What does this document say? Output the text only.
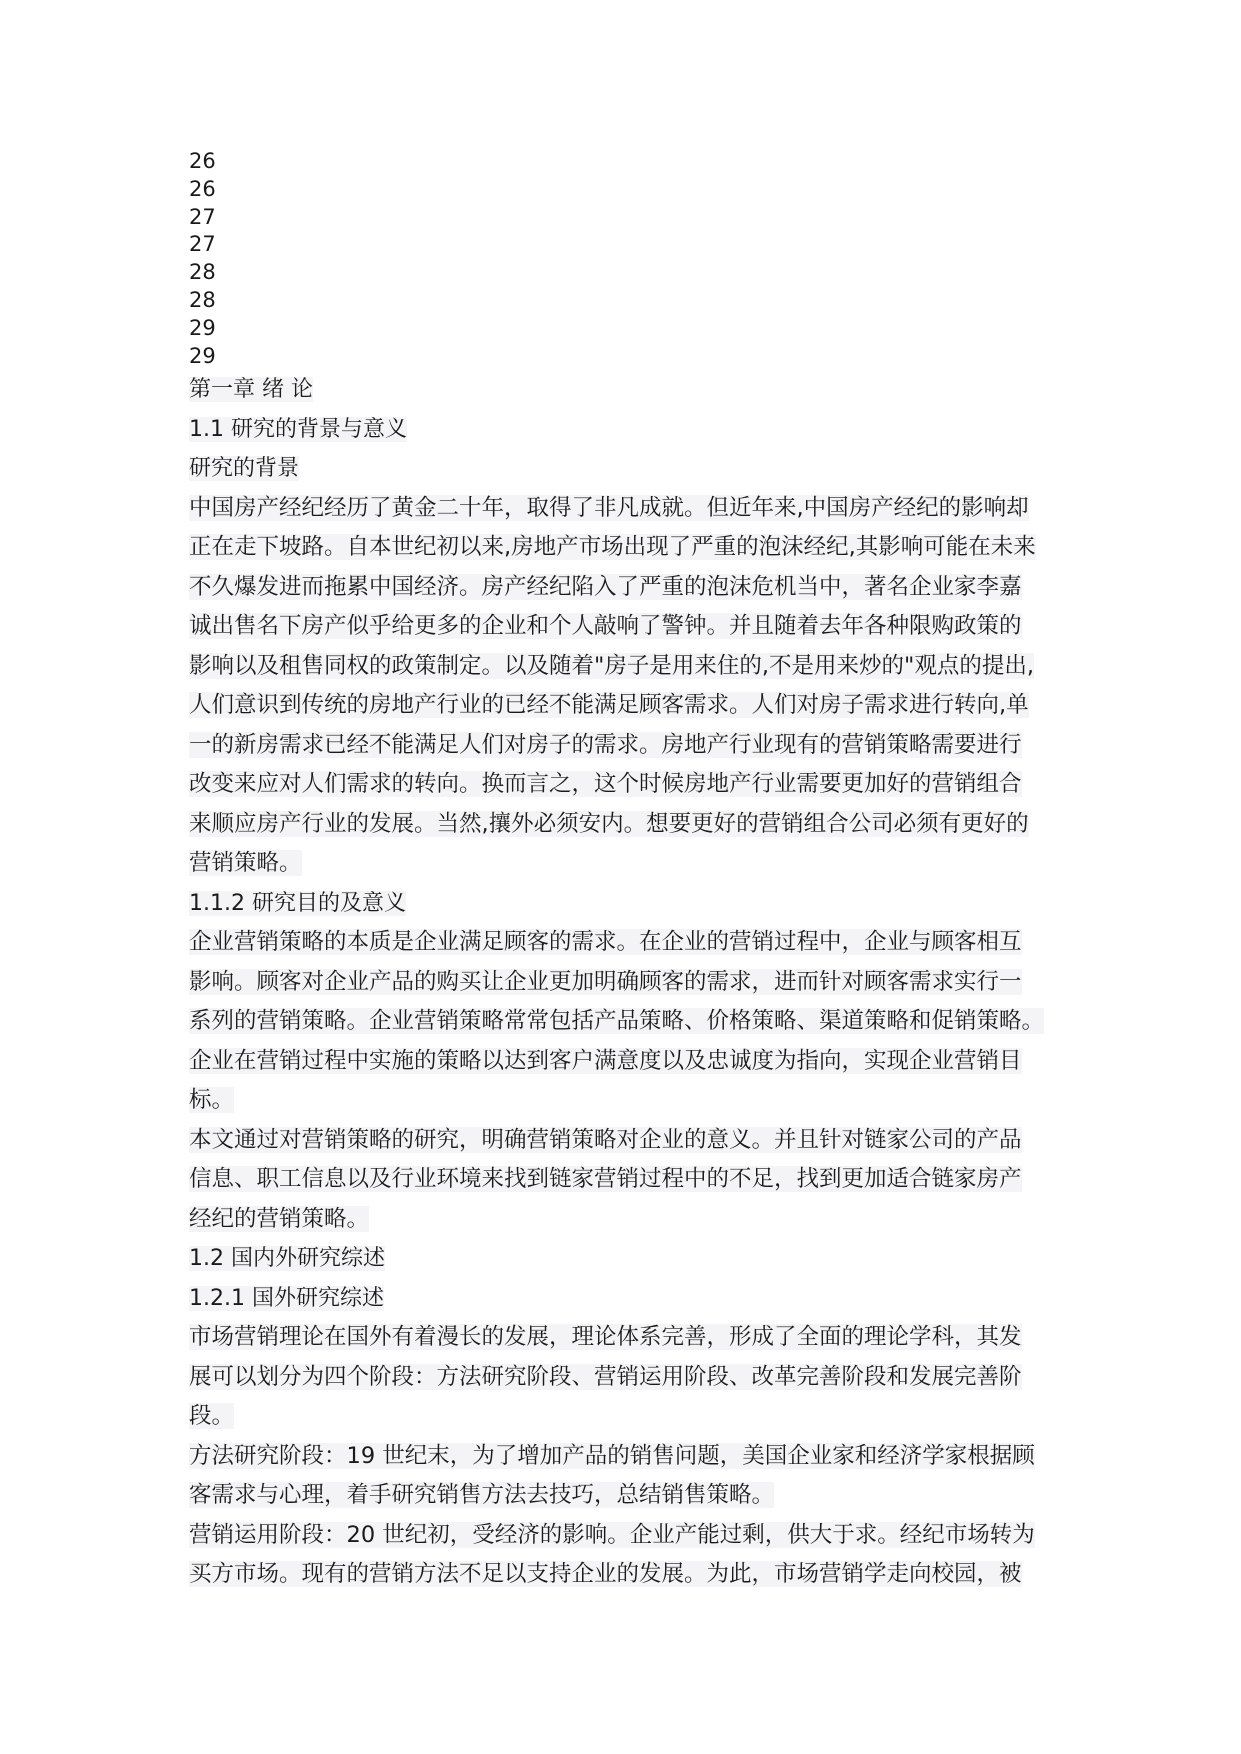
26
26
27
27
28
28
29
29
第一章 绪 论
1.1 研究的背景与意义
研究的背景
中国房产经纪经历了黄金二十年，取得了非凡成就。但近年来,中国房产经纪的影响却
正在走下坡路。自本世纪初以来,房地产市场出现了严重的泡沫经纪,其影响可能在未来
不久爆发进而拖累中国经济。房产经纪陷入了严重的泡沫危机当中，著名企业家李嘉
诚出售名下房产似乎给更多的企业和个人敲响了警钟。并且随着去年各种限购政策的
影响以及租售同权的政策制定。以及随着"房子是用来住的,不是用来炒的"观点的提出,
人们意识到传统的房地产行业的已经不能满足顾客需求。人们对房子需求进行转向,单
一的新房需求已经不能满足人们对房子的需求。房地产行业现有的营销策略需要进行
改变来应对人们需求的转向。换而言之，这个时候房地产行业需要更加好的营销组合
来顺应房产行业的发展。当然,攘外必须安内。想要更好的营销组合公司必须有更好的
营销策略。
1.1.2 研究目的及意义
企业营销策略的本质是企业满足顾客的需求。在企业的营销过程中，企业与顾客相互
影响。顾客对企业产品的购买让企业更加明确顾客的需求，进而针对顾客需求实行一
系列的营销策略。企业营销策略常常包括产品策略、价格策略、渠道策略和促销策略。
企业在营销过程中实施的策略以达到客户满意度以及忠诚度为指向，实现企业营销目
标。
本文通过对营销策略的研究，明确营销策略对企业的意义。并且针对链家公司的产品
信息、职工信息以及行业环境来找到链家营销过程中的不足，找到更加适合链家房产
经纪的营销策略。
1.2 国内外研究综述
1.2.1 国外研究综述
市场营销理论在国外有着漫长的发展，理论体系完善，形成了全面的理论学科，其发
展可以划分为四个阶段：方法研究阶段、营销运用阶段、改革完善阶段和发展完善阶
段。
方法研究阶段：19 世纪末，为了增加产品的销售问题，美国企业家和经济学家根据顾
客需求与心理，着手研究销售方法去技巧，总结销售策略。
营销运用阶段：20 世纪初，受经济的影响。企业产能过剩，供大于求。经纪市场转为
买方市场。现有的营销方法不足以支持企业的发展。为此，市场营销学走向校园，被
